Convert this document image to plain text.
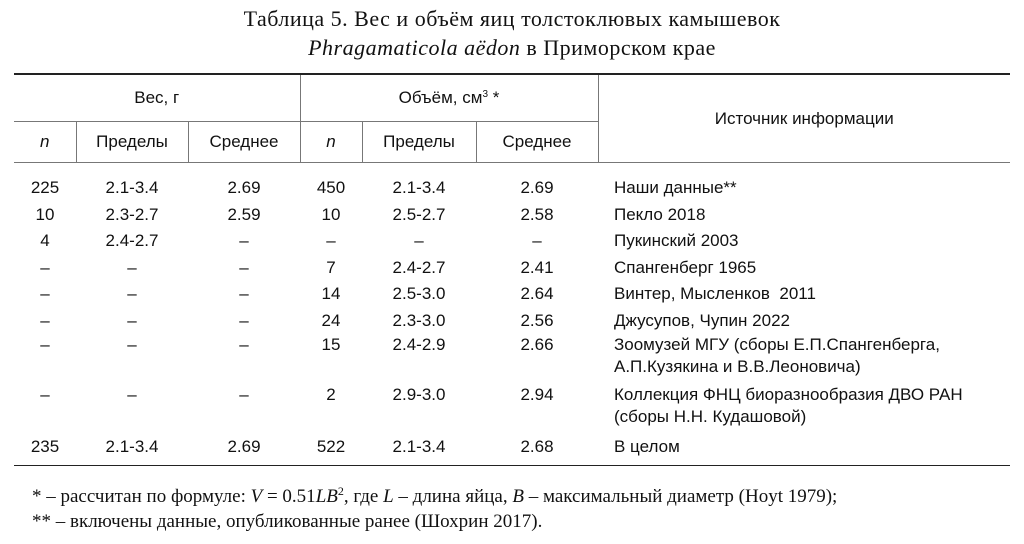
Таблица 5. Вес и объём яиц толстоклювых камышевок
Phragamaticola aëdon в Приморском крае
Вес, г			Объём, $см^3$ *			Источник информации
n	Пределы	Среднее	n	Пределы	Среднее	
225	2.1-3.4	2.69	450	2.1-3.4	2.69	Наши данные**
10	2.3-2.7	2.59	10	2.5-2.7	2.58	Пекло 2018
4	2.4-2.7	–	–	–	–	Пукинский 2003
–	–	–	7	2.4-2.7	2.41	Спангенберг 1965
–	–	–	14	2.5-3.0	2.64	Винтер, Мысленков  2011
–	–	–	24	2.3-3.0	2.56	Джусупов, Чупин 2022
–	–	–	15	2.4-2.9	2.66	Зоомузей МГУ (сборы Е.П.Спангенберга,
А.П.Кузякина и В.В.Леоновича)

–	–	–	2	2.9-3.0	2.94	Коллекция ФНЦ биоразнообразия ДВО РАН
(сборы Н.Н. Кудашовой)

235	2.1-3.4	2.69	522	2.1-3.4	2.68	В целом
* – рассчитан по формуле: $V = 0.51LB^2$, где L – длина яйца, B – максимальный диаметр (Hoyt 1979);
** – включены данные, опубликованные ранее (Шохрин 2017).
